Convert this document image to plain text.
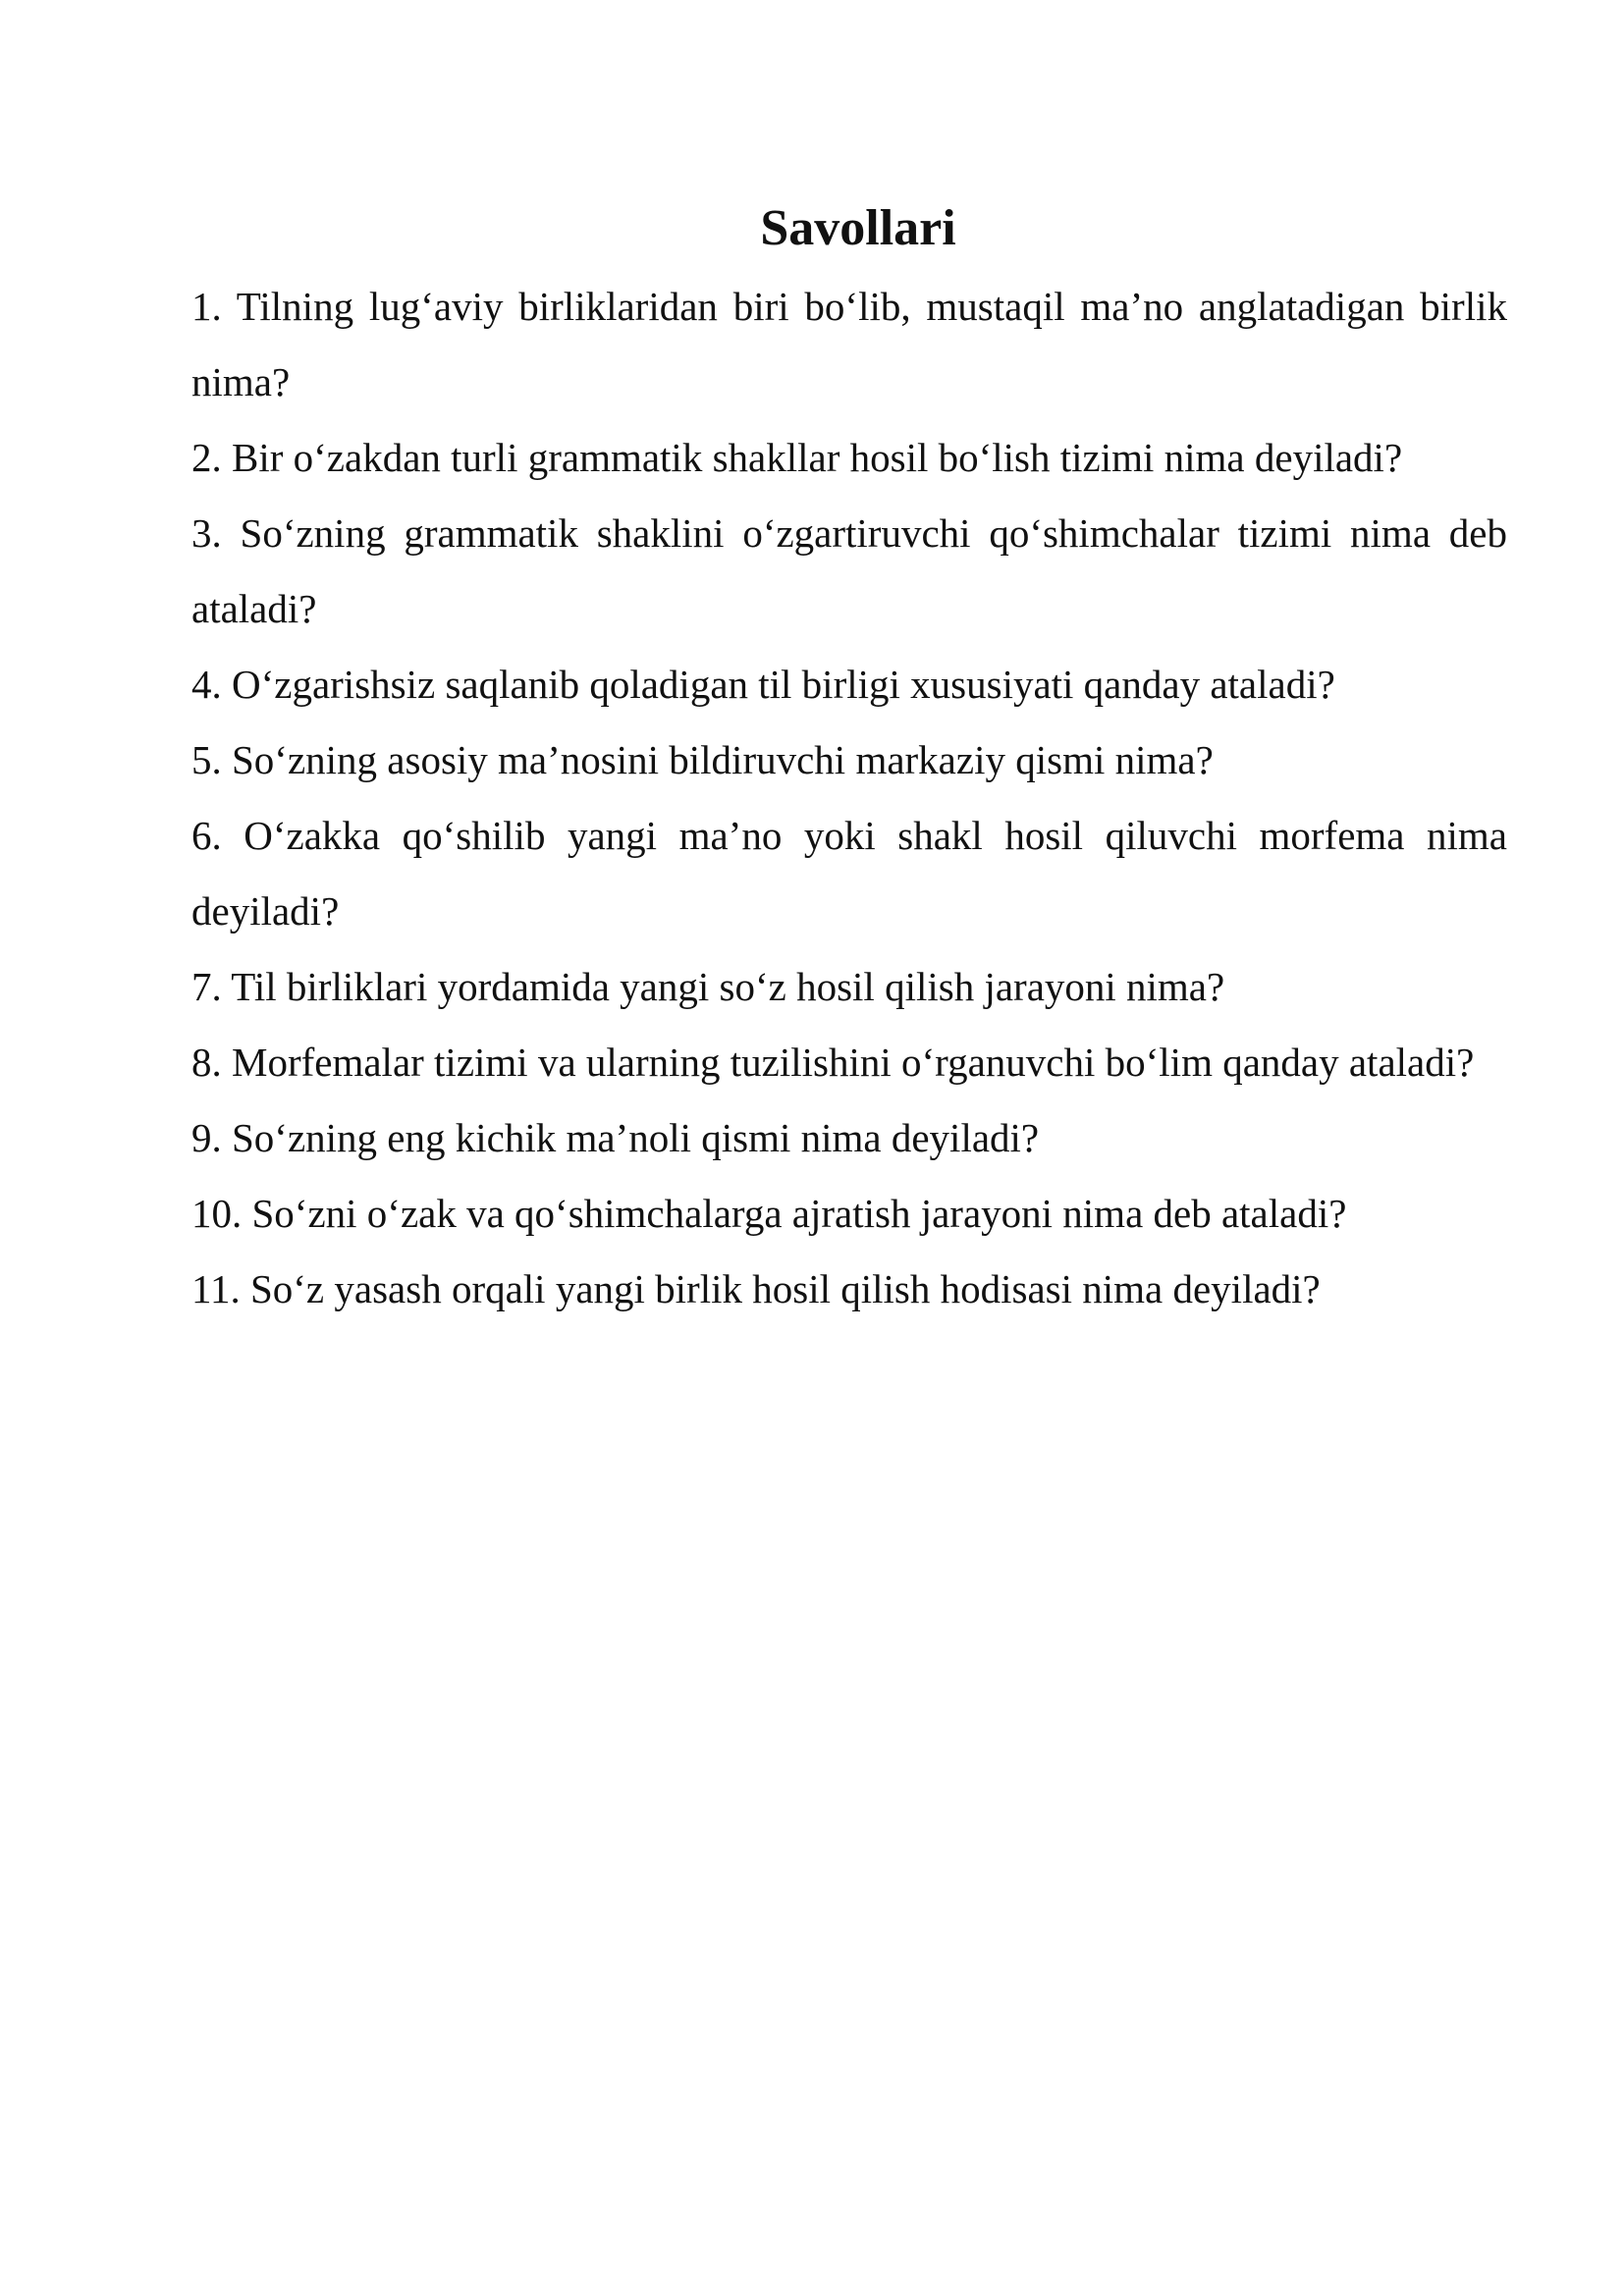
Savollari
1. Tilning lug‘aviy birliklaridan biri bo‘lib, mustaqil ma’no anglatadigan birlik nima?
2. Bir o‘zakdan turli grammatik shakllar hosil bo‘lish tizimi nima deyiladi?
3. So‘zning grammatik shaklini o‘zgartiruvchi qo‘shimchalar tizimi nima deb ataladi?
4. O‘zgarishsiz saqlanib qoladigan til birligi xususiyati qanday ataladi?
5. So‘zning asosiy ma’nosini bildiruvchi markaziy qismi nima?
6. O‘zakka qo‘shilib yangi ma’no yoki shakl hosil qiluvchi morfema nima deyiladi?
7. Til birliklari yordamida yangi so‘z hosil qilish jarayoni nima?
8. Morfemalar tizimi va ularning tuzilishini o‘rganuvchi bo‘lim qanday ataladi?
9. So‘zning eng kichik ma’noli qismi nima deyiladi?
10. So‘zni o‘zak va qo‘shimchalarga ajratish jarayoni nima deb ataladi?
11. So‘z yasash orqali yangi birlik hosil qilish hodisasi nima deyiladi?
